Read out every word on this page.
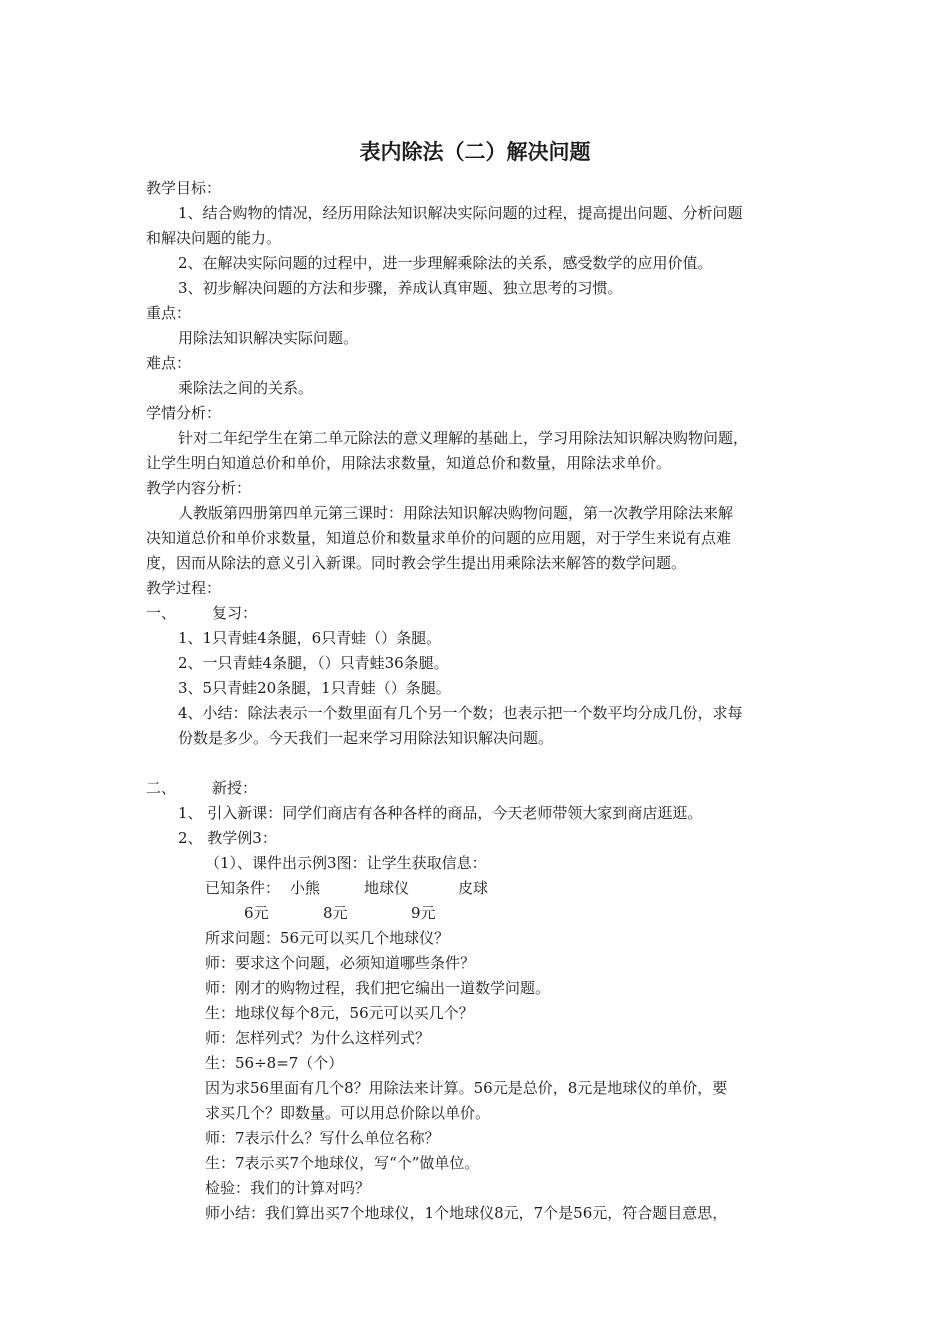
表内除法（二）解决问题
教学目标：
1、结合购物的情况，经历用除法知识解决实际问题的过程，提高提出问题、分析问题
和解决问题的能力。
2、在解决实际问题的过程中，进一步理解乘除法的关系，感受数学的应用价值。
3、初步解决问题的方法和步骤，养成认真审题、独立思考的习惯。
重点：
用除法知识解决实际问题。
难点：
乘除法之间的关系。
学情分析：
针对二年纪学生在第二单元除法的意义理解的基础上，学习用除法知识解决购物问题，
让学生明白知道总价和单价，用除法求数量，知道总价和数量，用除法求单价。
教学内容分析：
人教版第四册第四单元第三课时：用除法知识解决购物问题，第一次教学用除法来解
决知道总价和单价求数量，知道总价和数量求单价的问题的应用题，对于学生来说有点难
度，因而从除法的意义引入新课。同时教会学生提出用乘除法来解答的数学问题。
教学过程：
一、 复习：
1、1只青蛙4条腿，6只青蛙（）条腿。
2、一只青蛙4条腿，（）只青蛙36条腿。
3、5只青蛙20条腿，1只青蛙（）条腿。
4、小结：除法表示一个数里面有几个另一个数；也表示把一个数平均分成几份，求每
份数是多少。今天我们一起来学习用除法知识解决问题。
二、 新授：
1、 引入新课：同学们商店有各种各样的商品，今天老师带领大家到商店逛逛。
2、 教学例3：
（1）、课件出示例3图：让学生获取信息：
已知条件： 小熊	地球仪	皮球
6元	8元	9元
所求问题：56元可以买几个地球仪？
师：要求这个问题，必须知道哪些条件？
师：刚才的购物过程，我们把它编出一道数学问题。
生：地球仪每个8元，56元可以买几个？
师：怎样列式？为什么这样列式？
生：56÷8=7（个）
因为求56里面有几个8？用除法来计算。56元是总价，8元是地球仪的单价，要
求买几个？即数量。可以用总价除以单价。
师：7表示什么？写什么单位名称？
生：7表示买7个地球仪，写“个”做单位。
检验：我们的计算对吗？
师小结：我们算出买7个地球仪，1个地球仪8元，7个是56元，符合题目意思，
